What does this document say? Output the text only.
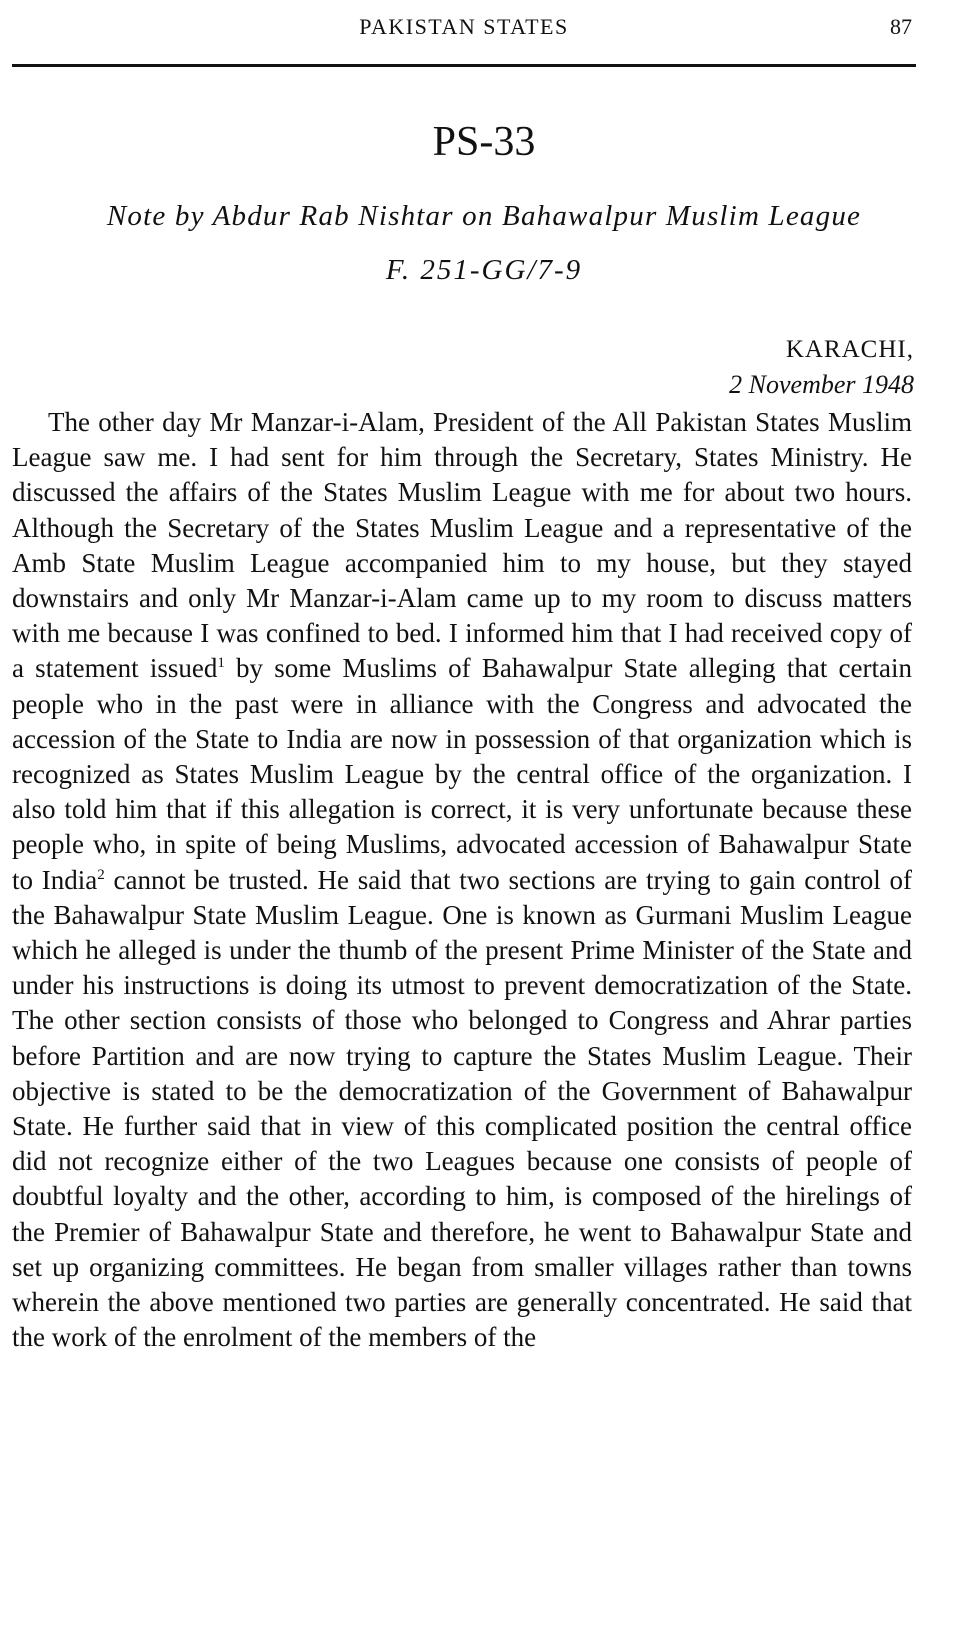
PAKISTAN STATES	87
PS-33
Note by Abdur Rab Nishtar on Bahawalpur Muslim League
F. 251-GG/7-9
KARACHI,
2 November 1948

The other day Mr Manzar-i-Alam, President of the All Pakistan States Muslim League saw me. I had sent for him through the Secretary, States Ministry. He discussed the affairs of the States Muslim League with me for about two hours. Although the Secretary of the States Muslim League and a representative of the Amb State Muslim League accompanied him to my house, but they stayed downstairs and only Mr Manzar-i-Alam came up to my room to discuss matters with me because I was confined to bed. I informed him that I had received copy of a statement issued$^1$ by some Muslims of Bahawalpur State alleging that certain people who in the past were in alliance with the Congress and advocated the accession of the State to India are now in possession of that organization which is recognized as States Muslim League by the central office of the organization. I also told him that if this allegation is correct, it is very unfortunate because these people who, in spite of being Muslims, advocated accession of Bahawalpur State to India$^2$ cannot be trusted. He said that two sections are trying to gain control of the Bahawalpur State Muslim League. One is known as Gurmani Muslim League which he alleged is under the thumb of the present Prime Minister of the State and under his instructions is doing its utmost to prevent democratization of the State. The other section consists of those who belonged to Congress and Ahrar parties before Partition and are now trying to capture the States Muslim League. Their objective is stated to be the democratization of the Government of Bahawalpur State. He further said that in view of this complicated position the central office did not recognize either of the two Leagues because one consists of people of doubtful loyalty and the other, according to him, is composed of the hirelings of the Premier of Bahawalpur State and therefore, he went to Bahawalpur State and set up organizing committees. He began from smaller villages rather than towns wherein the above mentioned two parties are generally concentrated. He said that the work of the enrolment of the members of the
